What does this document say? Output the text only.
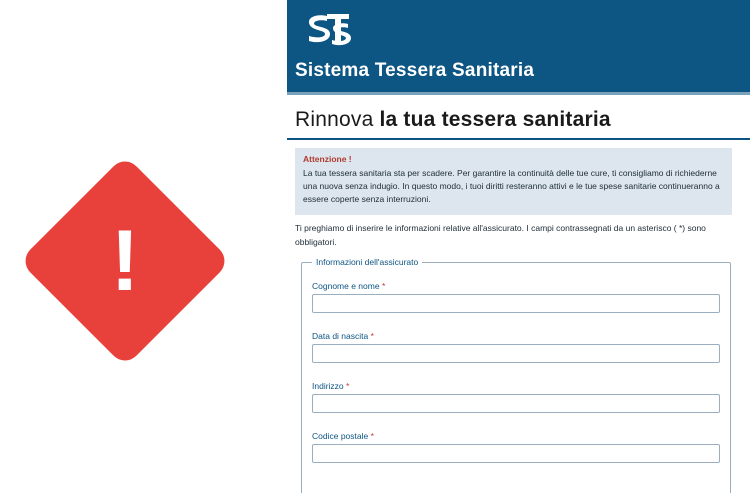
!
Sistema Tessera Sanitaria
Rinnova la tua tessera sanitaria
Attenzione !
La tua tessera sanitaria sta per scadere. Per garantire la continuità delle tue cure, ti consigliamo di richiederne una nuova senza indugio. In questo modo, i tuoi diritti resteranno attivi e le tue spese sanitarie continueranno a essere coperte senza interruzioni.
Ti preghiamo di inserire le informazioni relative all'assicurato. I campi contrassegnati da un asterisco ( *) sono obbligatori.
Informazioni dell'assicurato
Cognome e nome *
Data di nascita *
Indirizzo *
Codice postale *
